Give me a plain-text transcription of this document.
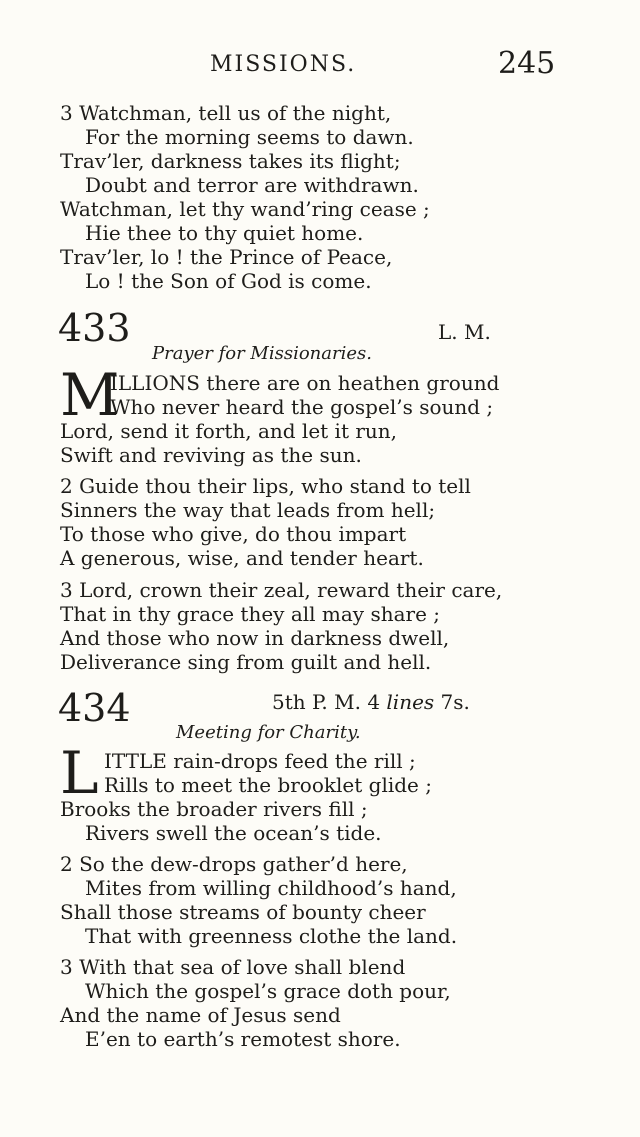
MISSIONS.	245
3 Watchman, tell us of the night,
For the morning seems to dawn.
Trav’ler, darkness takes its flight;
Doubt and terror are withdrawn.
Watchman, let thy wand’ring cease ;
Hie thee to thy quiet home.
Trav’ler, lo ! the Prince of Peace,
Lo ! the Son of God is come.
433	L. M.
Prayer for Missionaries.
M
ILLIONS there are on heathen ground
Who never heard the gospel’s sound ;
Lord, send it forth, and let it run,
Swift and reviving as the sun.
2 Guide thou their lips, who stand to tell
Sinners the way that leads from hell;
To those who give, do thou impart
A generous, wise, and tender heart.
3 Lord, crown their zeal, reward their care,
That in thy grace they all may share ;
And those who now in darkness dwell,
Deliverance sing from guilt and hell.
434	5th P. M. 4 lines 7s.
Meeting for Charity.
L ITTLE rain-drops feed the rill ;
Rills to meet the brooklet glide ;
Brooks the broader rivers fill ;
Rivers swell the ocean’s tide.
2 So the dew-drops gather’d here,
Mites from willing childhood’s hand,
Shall those streams of bounty cheer
That with greenness clothe the land.
3 With that sea of love shall blend
Which the gospel’s grace doth pour,
And the name of Jesus send
E’en to earth’s remotest shore.
